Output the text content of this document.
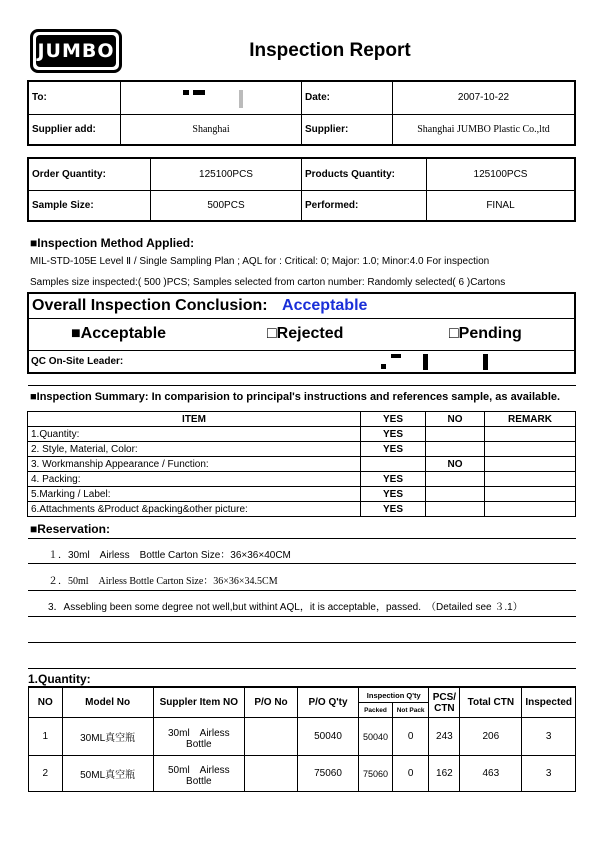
JUMBO	Inspection Report
To:		Date:	2007-10-22
Supplier add:	Shanghai	Supplier:	Shanghai JUMBO Plastic Co.,ltd
Order Quantity:	125100PCS	Products Quantity:	125100PCS
Sample Size:	500PCS	Performed:	FINAL
■ Inspection Method Applied:
MIL-STD-105E Level Ⅱ / Single Sampling Plan ; AQL for : Critical: 0; Major: 1.0; Minor:4.0 For inspection
Samples size inspected:( 500 )PCS; Samples selected from carton number: Randomly selected( 6 )Cartons
Overall Inspection Conclusion: Acceptable
■ Acceptable □	Rejected □	Pending
QC On-Site Leader:
■ Inspection Summary: In comparision to principal's instructions and references sample, as available.
ITEM	YES	NO	REMARK
1.Quantity:	YES		
2. Style, Material, Color:	YES		
3. Workmanship Appearance / Function:		NO	
4. Packing:	YES		
5.Marking / Label:	YES		
6.Attachments &Product &packing&other picture:	YES		
■ Reservation:
１．30ml　Airless　Bottle Carton Size：36×36×40CM
２．50ml　Airless Bottle Carton Size：36×36×34.5CM
3．Assebling been some degree not well,but withint AQL，it is acceptable，passed.　（Detailed see ３.1）
1.Quantity:
NO	Model No	Suppler Item NO	P/O No	P/O Q'ty	Inspection Q'ty		PCS/ CTN	Total CTN	Inspected
					Packed	Not Pack			
1	30ML真空瓶	30ml　Airless Bottle		50040	50040	0	243	206	3
2	50ML真空瓶	50ml　Airless Bottle		75060	75060	0	162	463	3
